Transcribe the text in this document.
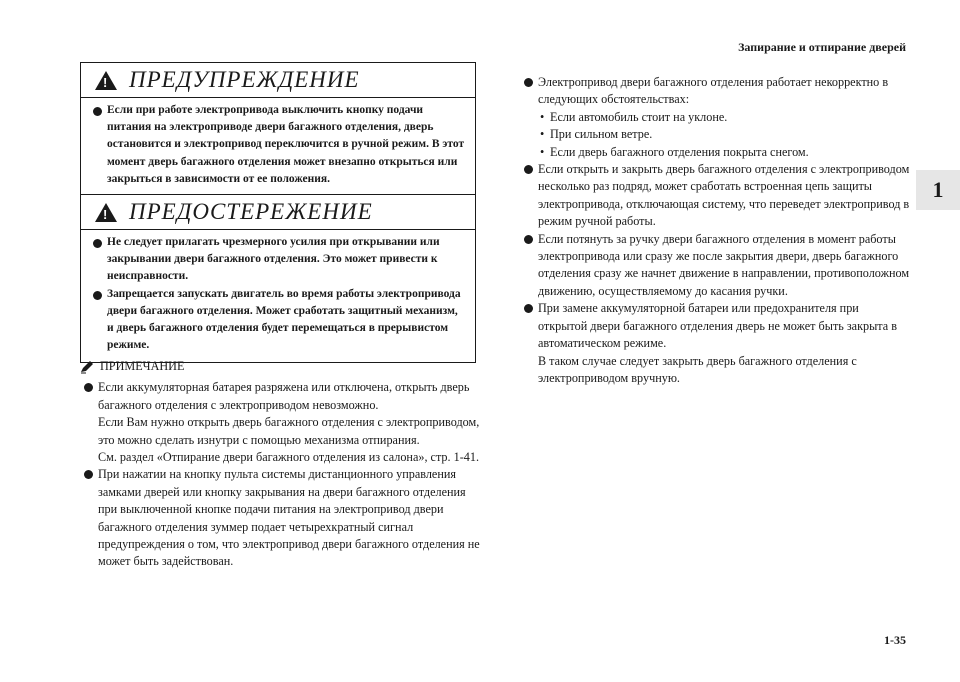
Запирание и отпирание дверей
1
!
ПРЕДУПРЕЖДЕНИЕ
Если при работе электропривода выключить кнопку подачи питания на электроприводе двери багажного отделения, дверь остановится и электропривод переключится в ручной режим. В этот момент дверь багажного отделения может внезапно открыться или закрыться в зависимости от ее положения.
!
ПРЕДОСТЕРЕЖЕНИЕ
Не следует прилагать чрезмерного усилия при открывании или закрывании двери багажного отделения. Это может привести к неисправности.
Запрещается запускать двигатель во время работы электропривода двери багажного отделения. Может сработать защитный механизм, и дверь багажного отделения будет перемещаться в прерывистом режиме.
ПРИМЕЧАНИЕ
Если аккумуляторная батарея разряжена или отключена, открыть дверь багажного отделения с электроприводом невозможно.
Если Вам нужно открыть дверь багажного отделения с электроприводом, это можно сделать изнутри с помощью механизма отпирания.
См. раздел «Отпирание двери багажного отделения из салона», стр. 1-41.
При нажатии на кнопку пульта системы дистанционного управления замками дверей или кнопку закрывания на двери багажного отделения при выключенной кнопке подачи питания на электропривод двери багажного отделения зуммер подает четырехкратный сигнал предупреждения о том, что электропривод двери багажного отделения не может быть задействован.
Электропривод двери багажного отделения работает некорректно в следующих обстоятельствах:
• Если автомобиль стоит на уклоне.
• При сильном ветре.
• Если дверь багажного отделения покрыта снегом.
Если открыть и закрыть дверь багажного отделения с электроприводом несколько раз подряд, может сработать встроенная цепь защиты электропривода, отключающая систему, что переведет электропривод в режим ручной работы.
Если потянуть за ручку двери багажного отделения в момент работы электропривода или сразу же после закрытия двери, дверь багажного отделения сразу же начнет движение в направлении, противоположном движению, осуществляемому до касания ручки.
При замене аккумуляторной батареи или предохранителя при открытой двери багажного отделения дверь не может быть закрыта в автоматическом режиме.
В таком случае следует закрыть дверь багажного отделения с электроприводом вручную.
1-35
